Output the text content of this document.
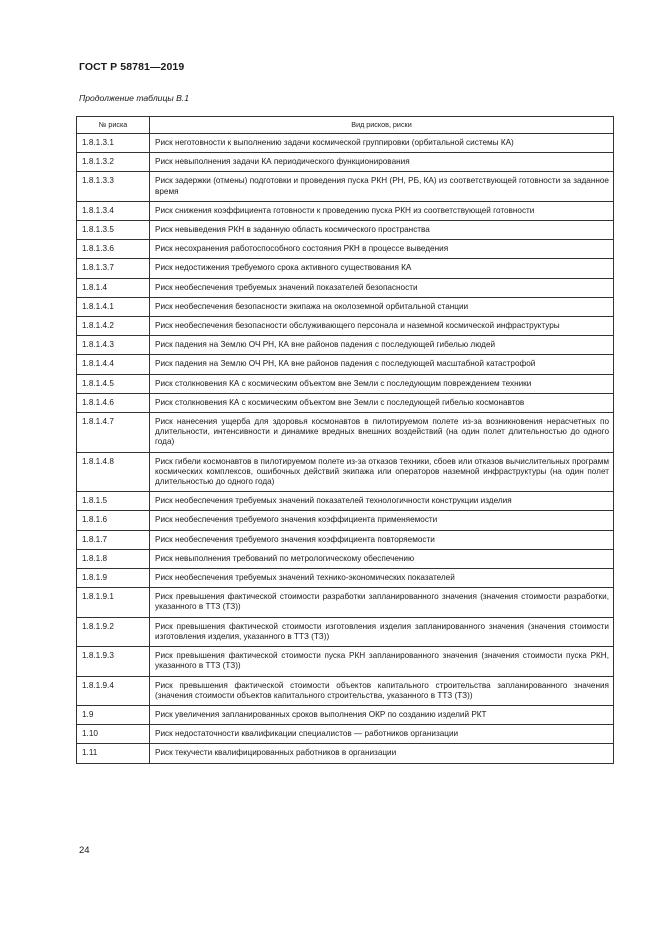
ГОСТ Р 58781—2019
Продолжение таблицы В.1
№ риска	Вид рисков, риски
1.8.1.3.1	Риск неготовности к выполнению задачи космической группировки (орбитальной системы КА)
1.8.1.3.2	Риск невыполнения задачи КА периодического функционирования
1.8.1.3.3	Риск задержки (отмены) подготовки и проведения пуска РКН (РН, РБ, КА) из соответствующей готовности за заданное время
1.8.1.3.4	Риск снижения коэффициента готовности к проведению пуска РКН из соответствующей готовности
1.8.1.3.5	Риск невыведения РКН в заданную область космического пространства
1.8.1.3.6	Риск несохранения работоспособного состояния РКН в процессе выведения
1.8.1.3.7	Риск недостижения требуемого срока активного существования КА
1.8.1.4	Риск необеспечения требуемых значений показателей безопасности
1.8.1.4.1	Риск необеспечения безопасности экипажа на околоземной орбитальной станции
1.8.1.4.2	Риск необеспечения безопасности обслуживающего персонала и наземной космической инфраструктуры
1.8.1.4.3	Риск падения на Землю ОЧ РН, КА вне районов падения с последующей гибелью людей
1.8.1.4.4	Риск падения на Землю ОЧ РН, КА вне районов падения с последующей масштабной катастрофой
1.8.1.4.5	Риск столкновения КА с космическим объектом вне Земли с последующим повреждением техники
1.8.1.4.6	Риск столкновения КА с космическим объектом вне Земли с последующей гибелью космонавтов
1.8.1.4.7	Риск нанесения ущерба для здоровья космонавтов в пилотируемом полете из-за возникновения нерасчетных по длительности, интенсивности и динамике вредных внешних воздействий (на один полет длительностью до одного года)
1.8.1.4.8	Риск гибели космонавтов в пилотируемом полете из-за отказов техники, сбоев или отказов вычислительных программ космических комплексов, ошибочных действий экипажа или операторов наземной инфраструктуры (на один полет длительностью до одного года)
1.8.1.5	Риск необеспечения требуемых значений показателей технологичности конструкции изделия
1.8.1.6	Риск необеспечения требуемого значения коэффициента применяемости
1.8.1.7	Риск необеспечения требуемого значения коэффициента повторяемости
1.8.1.8	Риск невыполнения требований по метрологическому обеспечению
1.8.1.9	Риск необеспечения требуемых значений технико-экономических показателей
1.8.1.9.1	Риск превышения фактической стоимости разработки запланированного значения (значения стоимости разработки, указанного в ТТЗ (ТЗ))
1.8.1.9.2	Риск превышения фактической стоимости изготовления изделия запланированного значения (значения стоимости изготовления изделия, указанного в ТТЗ (ТЗ))
1.8.1.9.3	Риск превышения фактической стоимости пуска РКН запланированного значения (значения стоимости пуска РКН, указанного в ТТЗ (ТЗ))
1.8.1.9.4	Риск превышения фактической стоимости объектов капитального строительства запланированного значения (значения стоимости объектов капитального строительства, указанного в ТТЗ (ТЗ))
1.9	Риск увеличения запланированных сроков выполнения ОКР по созданию изделий РКТ
1.10	Риск недостаточности квалификации специалистов — работников организации
1.11	Риск текучести квалифицированных работников в организации
24
